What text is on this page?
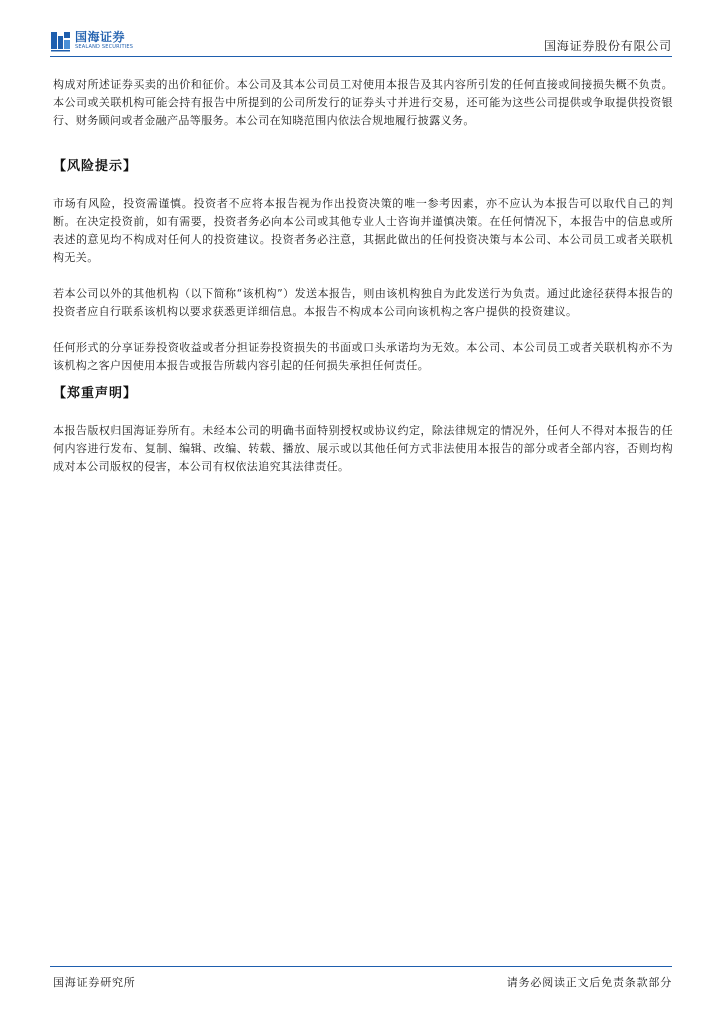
国海证券
SEALAND SECURITIES	国海证券股份有限公司

构成对所述证券买卖的出价和征价。本公司及其本公司员工对使用本报告及其内容所引发的任何直接或间接损失概不负责。本公司或关联机构可能会持有报告中所提到的公司所发行的证券头寸并进行交易，还可能为这些公司提供或争取提供投资银行、财务顾问或者金融产品等服务。本公司在知晓范围内依法合规地履行披露义务。

【风险提示】

市场有风险，投资需谨慎。投资者不应将本报告视为作出投资决策的唯一参考因素，亦不应认为本报告可以取代自己的判断。在决定投资前，如有需要，投资者务必向本公司或其他专业人士咨询并谨慎决策。在任何情况下，本报告中的信息或所表述的意见均不构成对任何人的投资建议。投资者务必注意，其据此做出的任何投资决策与本公司、本公司员工或者关联机构无关。

若本公司以外的其他机构（以下简称“该机构”）发送本报告，则由该机构独自为此发送行为负责。通过此途径获得本报告的投资者应自行联系该机构以要求获悉更详细信息。本报告不构成本公司向该机构之客户提供的投资建议。

任何形式的分享证券投资收益或者分担证券投资损失的书面或口头承诺均为无效。本公司、本公司员工或者关联机构亦不为该机构之客户因使用本报告或报告所载内容引起的任何损失承担任何责任。

【郑重声明】

本报告版权归国海证券所有。未经本公司的明确书面特别授权或协议约定，除法律规定的情况外，任何人不得对本报告的任何内容进行发布、复制、编辑、改编、转载、播放、展示或以其他任何方式非法使用本报告的部分或者全部内容，否则均构成对本公司版权的侵害，本公司有权依法追究其法律责任。

国海证券研究所	请务必阅读正文后免责条款部分
